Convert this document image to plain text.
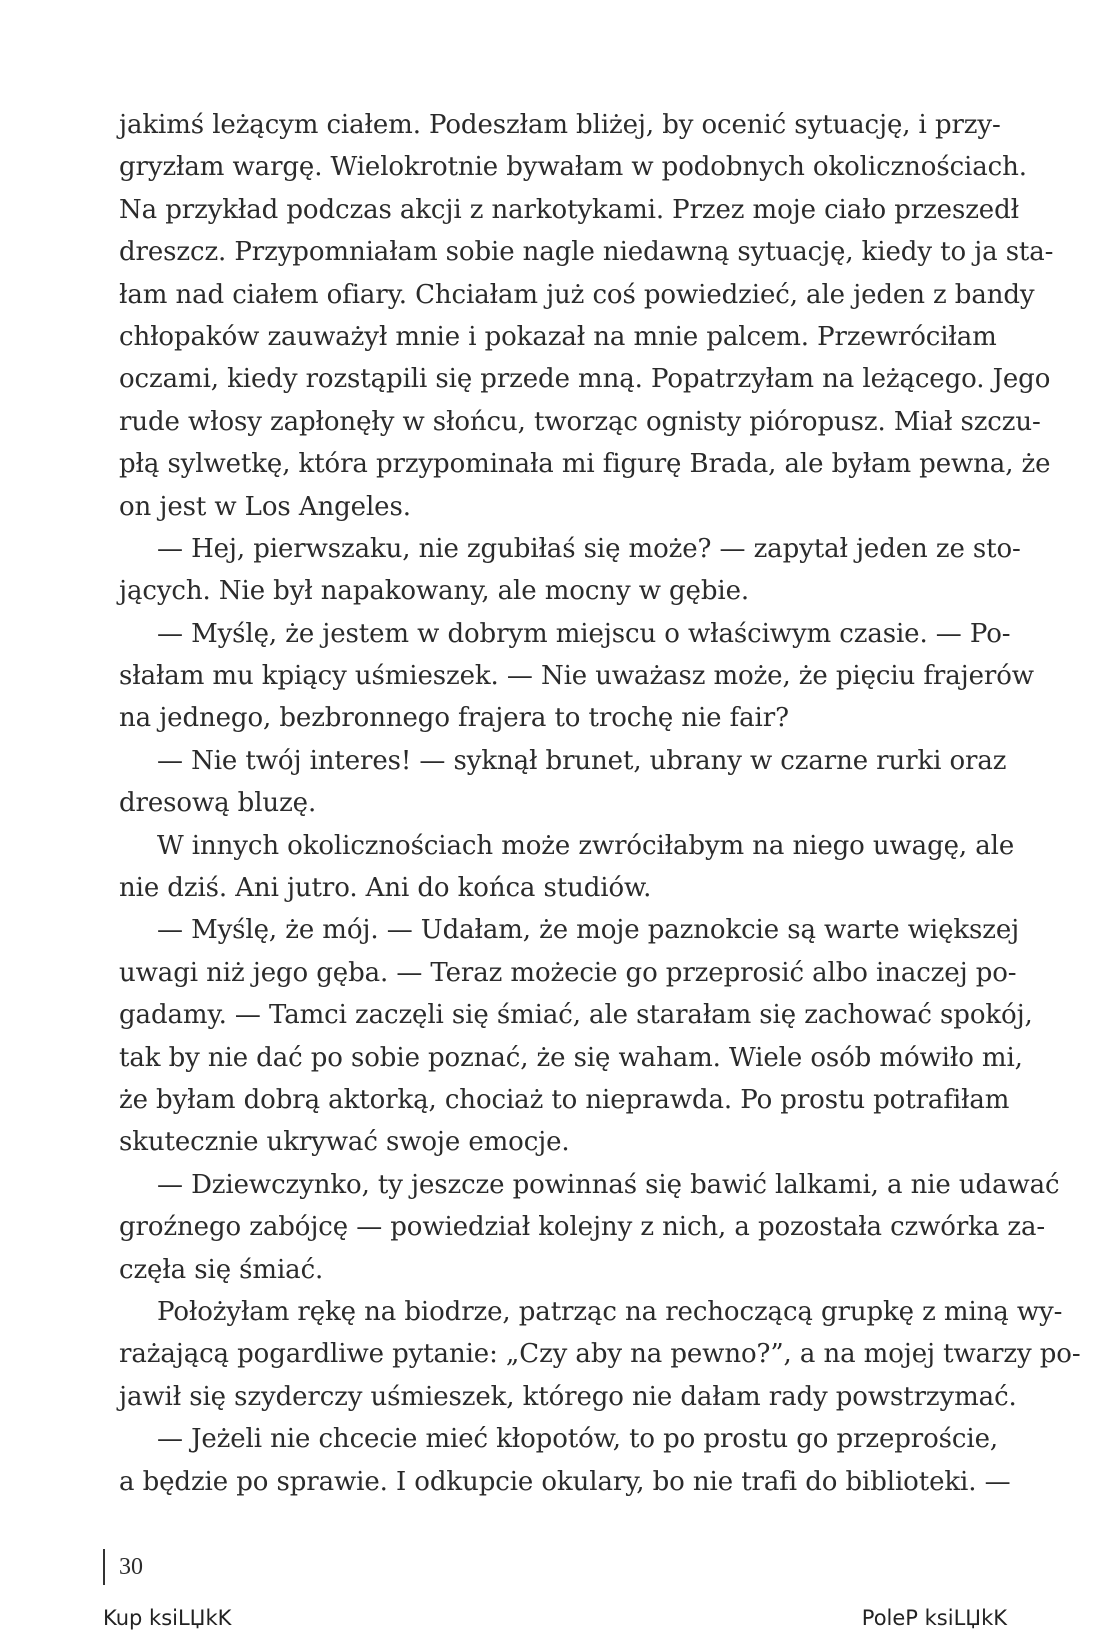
jakimś leżącym ciałem. Podeszłam bliżej, by ocenić sytuację, i przy-
gryzłam wargę. Wielokrotnie bywałam w podobnych okolicznościach.
Na przykład podczas akcji z narkotykami. Przez moje ciało przeszedł
dreszcz. Przypomniałam sobie nagle niedawną sytuację, kiedy to ja sta-
łam nad ciałem ofiary. Chciałam już coś powiedzieć, ale jeden z bandy
chłopaków zauważył mnie i pokazał na mnie palcem. Przewróciłam
oczami, kiedy rozstąpili się przede mną. Popatrzyłam na leżącego. Jego
rude włosy zapłonęły w słońcu, tworząc ognisty pióropusz. Miał szczu-
płą sylwetkę, która przypominała mi figurę Brada, ale byłam pewna, że
on jest w Los Angeles.
— Hej, pierwszaku, nie zgubiłaś się może? — zapytał jeden ze sto-
jących. Nie był napakowany, ale mocny w gębie.
— Myślę, że jestem w dobrym miejscu o właściwym czasie. — Po-
słałam mu kpiący uśmieszek. — Nie uważasz może, że pięciu frajerów
na jednego, bezbronnego frajera to trochę nie fair?
— Nie twój interes! — syknął brunet, ubrany w czarne rurki oraz
dresową bluzę.
W innych okolicznościach może zwróciłabym na niego uwagę, ale
nie dziś. Ani jutro. Ani do końca studiów.
— Myślę, że mój. — Udałam, że moje paznokcie są warte większej
uwagi niż jego gęba. — Teraz możecie go przeprosić albo inaczej po-
gadamy. — Tamci zaczęli się śmiać, ale starałam się zachować spokój,
tak by nie dać po sobie poznać, że się waham. Wiele osób mówiło mi,
że byłam dobrą aktorką, chociaż to nieprawda. Po prostu potrafiłam
skutecznie ukrywać swoje emocje.
— Dziewczynko, ty jeszcze powinnaś się bawić lalkami, a nie udawać
groźnego zabójcę — powiedział kolejny z nich, a pozostała czwórka za-
częła się śmiać.
Położyłam rękę na biodrze, patrząc na rechoczącą grupkę z miną wy-
rażającą pogardliwe pytanie: „Czy aby na pewno?”, a na mojej twarzy po-
jawił się szyderczy uśmieszek, którego nie dałam rady powstrzymać.
— Jeżeli nie chcecie mieć kłopotów, to po prostu go przeproście,
a będzie po sprawie. I odkupcie okulary, bo nie trafi do biblioteki. —
30
Kup ksiLЏkK	PoleP ksiLЏkK
